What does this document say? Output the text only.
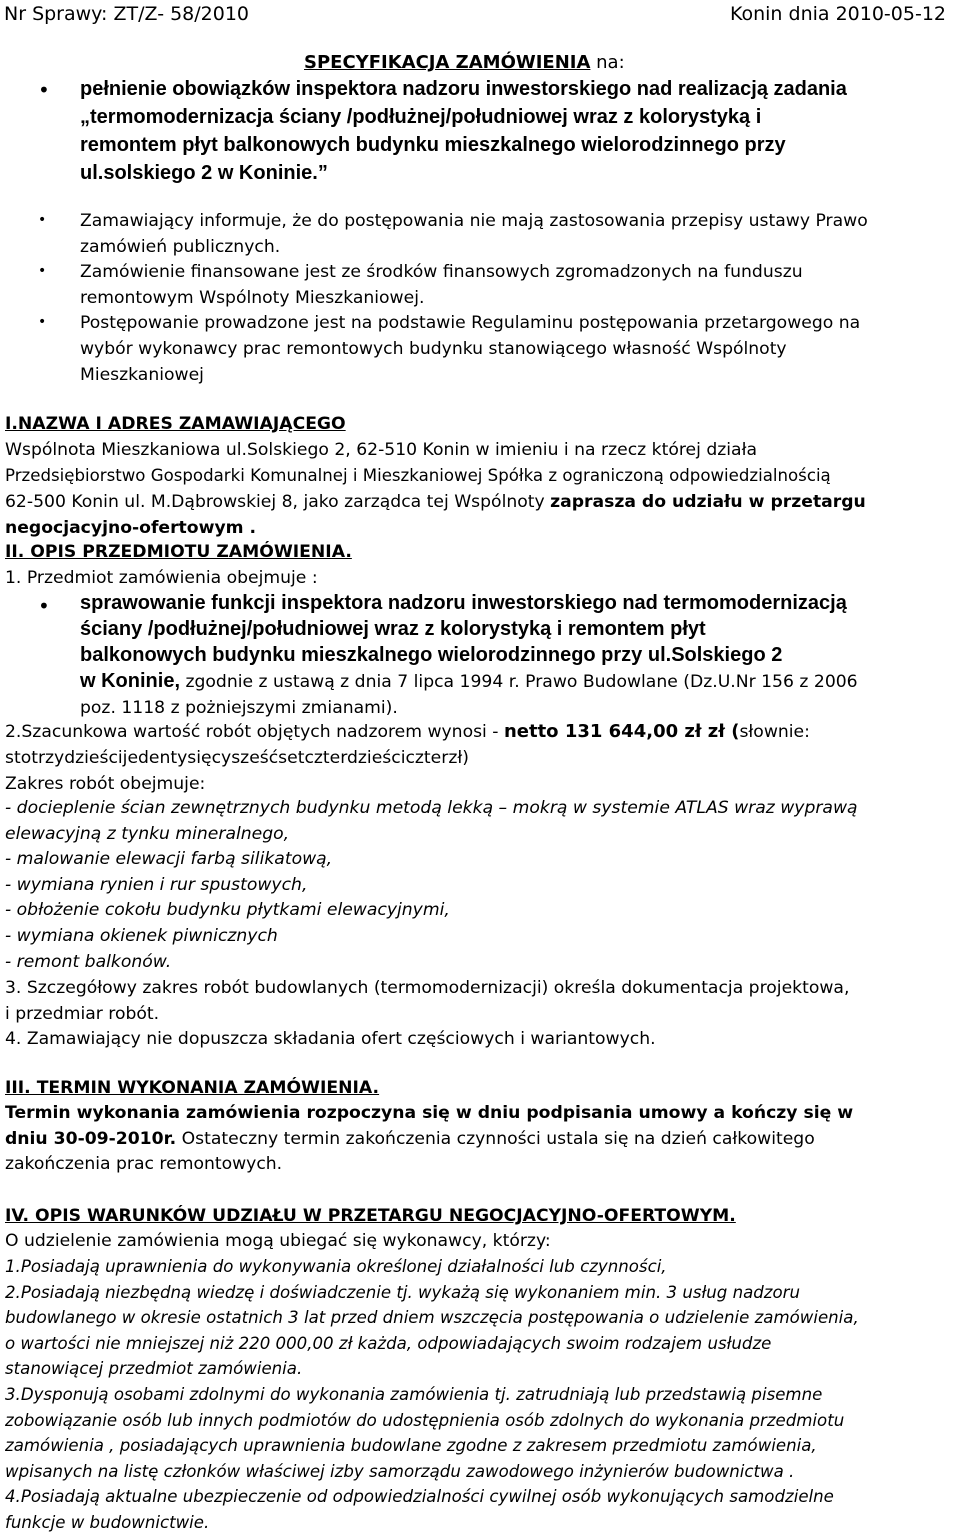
Nr Sprawy: ZT/Z- 58/2010	Konin dnia 2010-05-12
SPECYFIKACJA ZAMÓWIENIA na:
• pełnienie obowiązków inspektora nadzoru inwestorskiego nad realizacją zadania
„termomodernizacja ściany /podłużnej/południowej wraz z kolorystyką i
remontem płyt balkonowych budynku mieszkalnego wielorodzinnego przy
ul.solskiego 2 w Koninie.”
• Zamawiający informuje, że do postępowania nie mają zastosowania przepisy ustawy Prawo
zamówień publicznych.
• Zamówienie finansowane jest ze środków finansowych zgromadzonych na funduszu
remontowym Wspólnoty Mieszkaniowej.
• Postępowanie prowadzone jest na podstawie Regulaminu postępowania przetargowego na
wybór wykonawcy prac remontowych budynku stanowiącego własność Wspólnoty
Mieszkaniowej
I.NAZWA I ADRES ZAMAWIAJĄCEGO
Wspólnota Mieszkaniowa ul.Solskiego 2, 62-510 Konin w imieniu i na rzecz której działa
Przedsiębiorstwo Gospodarki Komunalnej i Mieszkaniowej Spółka z ograniczoną odpowiedzialnością
62-500 Konin ul. M.Dąbrowskiej 8, jako zarządca tej Wspólnoty zaprasza do udziału w przetargu
negocjacyjno-ofertowym .
II. OPIS PRZEDMIOTU ZAMÓWIENIA.
1. Przedmiot zamówienia obejmuje :
• sprawowanie funkcji inspektora nadzoru inwestorskiego nad termomodernizacją
ściany /podłużnej/południowej wraz z kolorystyką i remontem płyt
balkonowych budynku mieszkalnego wielorodzinnego przy ul.Solskiego 2
w Koninie, zgodnie z ustawą z dnia 7 lipca 1994 r. Prawo Budowlane (Dz.U.Nr 156 z 2006
poz. 1118 z pożniejszymi zmianami).
2.Szacunkowa wartość robót objętych nadzorem wynosi - netto 131 644,00 zł zł (słownie:
stotrzydzieścijedentysięcysześćsetczterdzieściczterzł)
Zakres robót obejmuje:
- docieplenie ścian zewnętrznych budynku metodą lekką – mokrą w systemie ATLAS wraz wyprawą
elewacyjną z tynku mineralnego,
- malowanie elewacji farbą silikatową,
- wymiana rynien i rur spustowych,
- obłożenie cokołu budynku płytkami elewacyjnymi,
- wymiana okienek piwnicznych
- remont balkonów.
3. Szczegółowy zakres robót budowlanych (termomodernizacji) określa dokumentacja projektowa,
i przedmiar robót.
4. Zamawiający nie dopuszcza składania ofert częściowych i wariantowych.
III. TERMIN WYKONANIA ZAMÓWIENIA.
Termin wykonania zamówienia rozpoczyna się w dniu podpisania umowy a kończy się w
dniu 30-09-2010r. Ostateczny termin zakończenia czynności ustala się na dzień całkowitego
zakończenia prac remontowych.
IV. OPIS WARUNKÓW UDZIAŁU W PRZETARGU NEGOCJACYJNO-OFERTOWYM.
O udzielenie zamówienia mogą ubiegać się wykonawcy, którzy:
1.Posiadają uprawnienia do wykonywania określonej działalności lub czynności,
2.Posiadają niezbędną wiedzę i doświadczenie tj. wykażą się wykonaniem min. 3 usług nadzoru
budowlanego w okresie ostatnich 3 lat przed dniem wszczęcia postępowania o udzielenie zamówienia,
o wartości nie mniejszej niż 220 000,00 zł każda, odpowiadających swoim rodzajem usłudze
stanowiącej przedmiot zamówienia.
3.Dysponują osobami zdolnymi do wykonania zamówienia tj. zatrudniają lub przedstawią pisemne
zobowiązanie osób lub innych podmiotów do udostępnienia osób zdolnych do wykonania przedmiotu
zamówienia , posiadających uprawnienia budowlane zgodne z zakresem przedmiotu zamówienia,
wpisanych na listę członków właściwej izby samorządu zawodowego inżynierów budownictwa .
4.Posiadają aktualne ubezpieczenie od odpowiedzialności cywilnej osób wykonujących samodzielne
funkcje w budownictwie.
